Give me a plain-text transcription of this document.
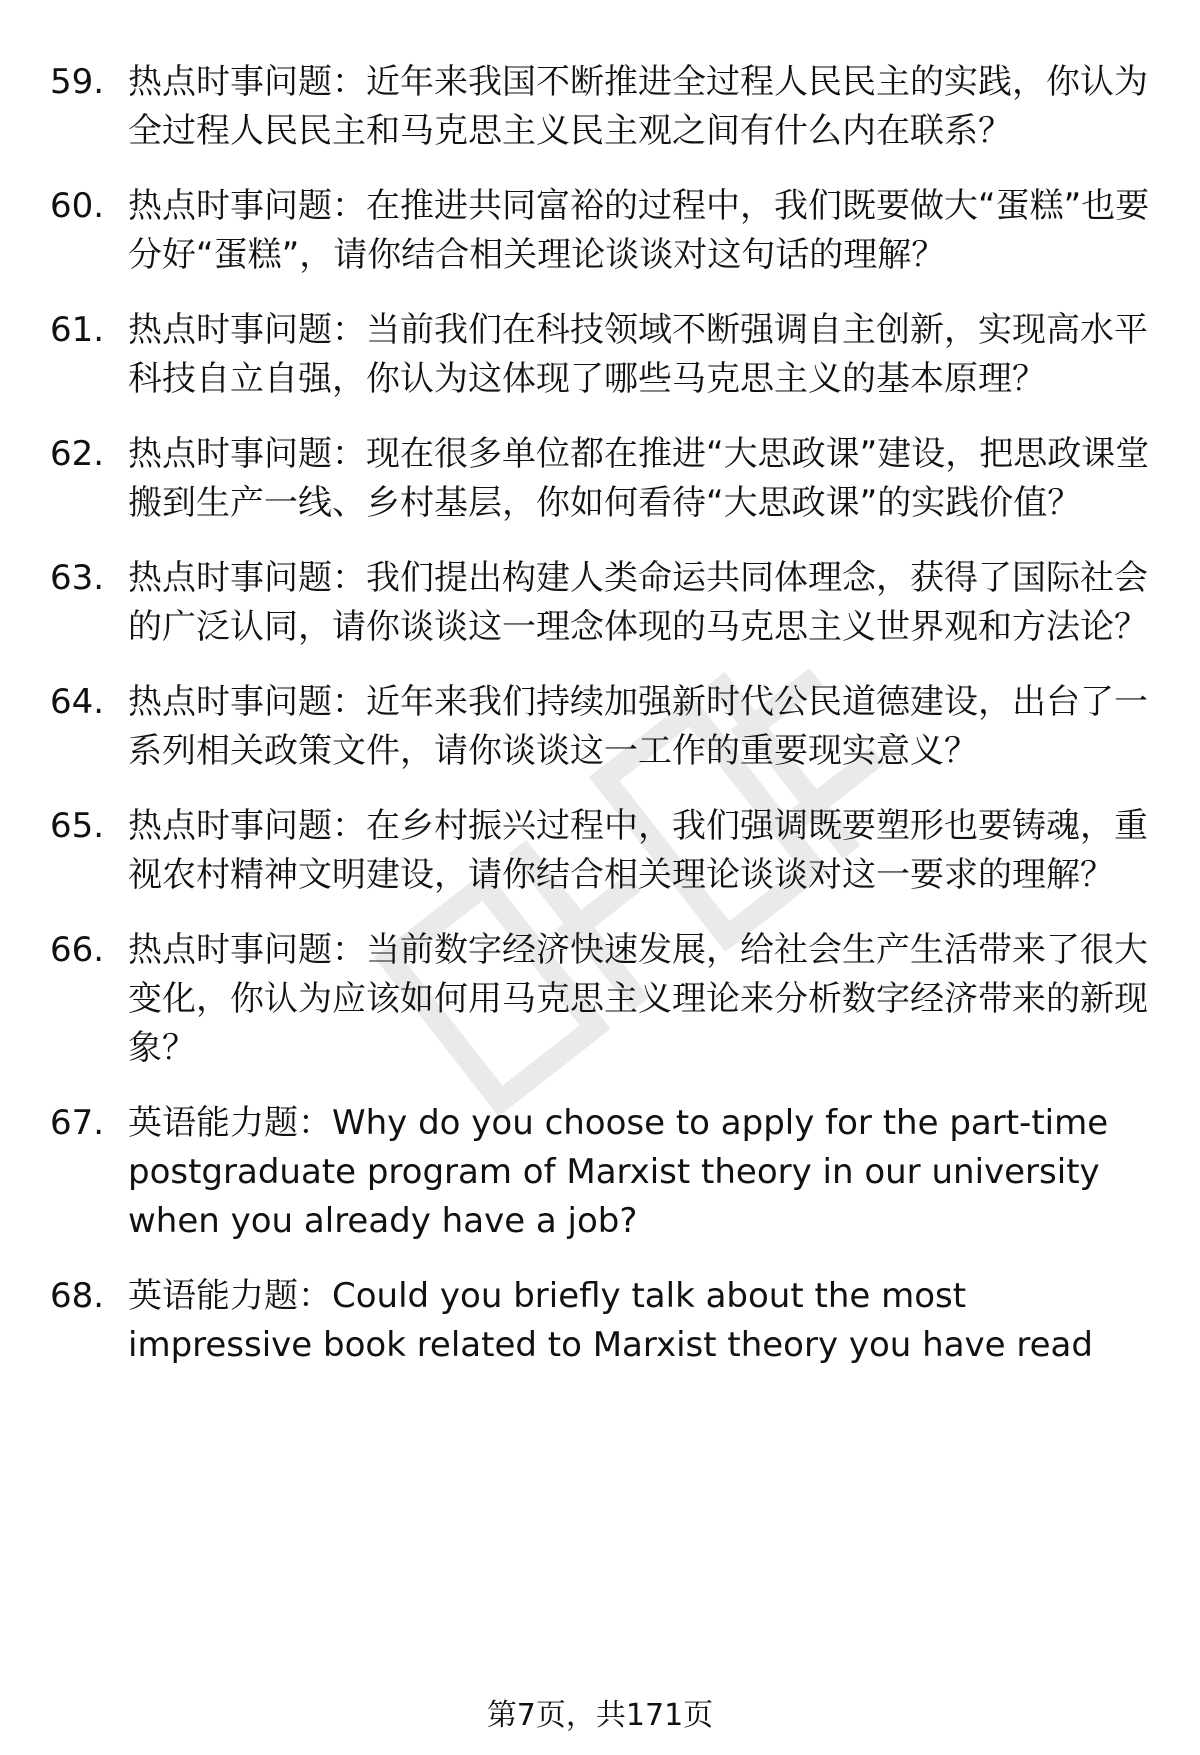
59. 热点时事问题：近年来我国不断推进全过程人民民主的实践，你认为全过程人民民主和马克思主义民主观之间有什么内在联系？
60. 热点时事问题：在推进共同富裕的过程中，我们既要做大“蛋糕”也要分好“蛋糕”，请你结合相关理论谈谈对这句话的理解？
61. 热点时事问题：当前我们在科技领域不断强调自主创新，实现高水平科技自立自强，你认为这体现了哪些马克思主义的基本原理？
62. 热点时事问题：现在很多单位都在推进“大思政课”建设，把思政课堂搬到生产一线、乡村基层，你如何看待“大思政课”的实践价值？
63. 热点时事问题：我们提出构建人类命运共同体理念，获得了国际社会的广泛认同，请你谈谈这一理念体现的马克思主义世界观和方法论？
64. 热点时事问题：近年来我们持续加强新时代公民道德建设，出台了一系列相关政策文件，请你谈谈这一工作的重要现实意义？
65. 热点时事问题：在乡村振兴过程中，我们强调既要塑形也要铸魂，重视农村精神文明建设，请你结合相关理论谈谈对这一要求的理解？
66. 热点时事问题：当前数字经济快速发展，给社会生产生活带来了很大变化，你认为应该如何用马克思主义理论来分析数字经济带来的新现象？
67. 英语能力题：Why do you choose to apply for the part-time postgraduate program of Marxist theory in our university when you already have a job?
68. 英语能力题：Could you briefly talk about the most impressive book related to Marxist theory you have read
第7页，共171页
